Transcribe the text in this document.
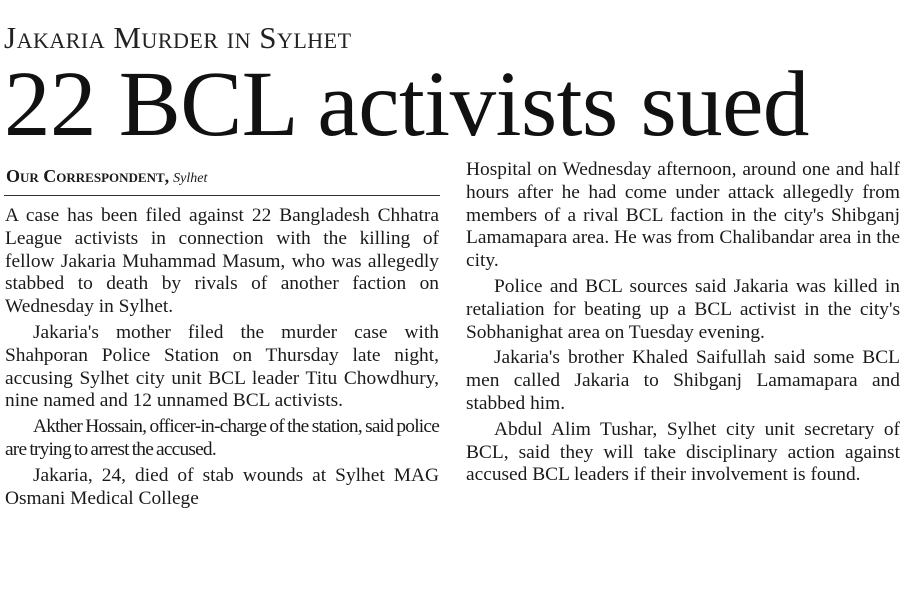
Jakaria Murder in Sylhet
22 BCL activists sued
Our Correspondent, Sylhet

A case has been filed against 22 Bangladesh Chhatra League activists in connection with the killing of fellow Jakaria Muhammad Masum, who was allegedly stabbed to death by rivals of another faction on Wednesday in Sylhet.

Jakaria's mother filed the murder case with Shahporan Police Station on Thursday late night, accusing Sylhet city unit BCL leader Titu Chowdhury, nine named and 12 unnamed BCL activists.

Akther Hossain, officer-in-charge of the station, said police are trying to arrest the accused.

Jakaria, 24, died of stab wounds at Sylhet MAG Osmani Medical College

Hospital on Wednesday afternoon, around one and half hours after he had come under attack allegedly from members of a rival BCL faction in the city's Shibganj Lamamapara area. He was from Chalibandar area in the city.

Police and BCL sources said Jakaria was killed in retaliation for beating up a BCL activist in the city's Sobhanighat area on Tuesday evening.

Jakaria's brother Khaled Saifullah said some BCL men called Jakaria to Shibganj Lamamapara and stabbed him.

Abdul Alim Tushar, Sylhet city unit secretary of BCL, said they will take disciplinary action against accused BCL leaders if their involvement is found.
